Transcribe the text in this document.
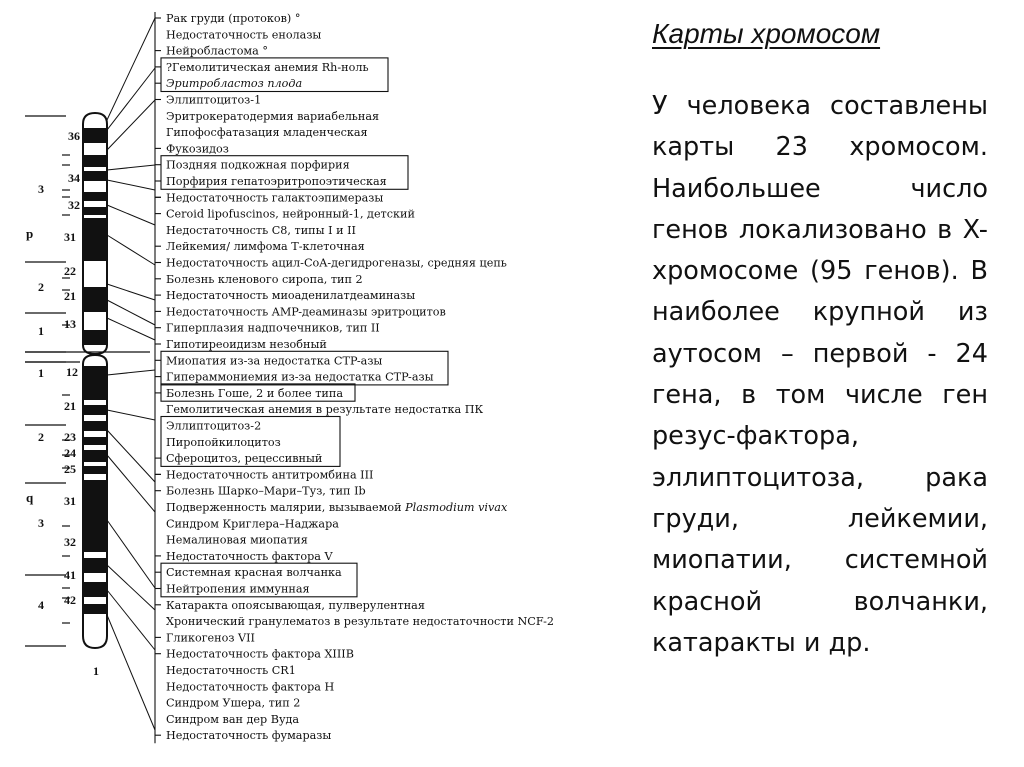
Рак груди (протоков) °
Недостаточность енолазы
Нейробластома °
?Гемолитическая анемия Rh-ноль
Эритробластоз плода
Эллиптоцитоз-1
Эритрокератодермия вариабельная
Гипофосфатазация младенческая
Фукозидоз
Поздняя подкожная порфирия
Порфирия гепатоэритропоэтическая
Недостаточность галактоэпимеразы
Ceroid lipofuscinos, нейронный-1, детский
Недостаточность С8, типы I и II
Лейкемия/ лимфома Т-клеточная
Недостаточность ацил-CoA-дегидрогеназы, средняя цепь
Болезнь кленового сиропа, тип 2
Недостаточность миоаденилатдеаминазы
Недостаточность AMP-деаминазы эритроцитов
Гиперплазия надпочечников, тип II
Гипотиреоидизм незобный
Миопатия из-за недостатка CTP-азы
Гипераммониемия из-за недостатка CTP-азы
Болезнь Гоше, 2 и более типа
Гемолитическая анемия в результате недостатка ПК
Эллиптоцитоз-2
Пиропойкилоцитоз
Сфероцитоз, рецессивный
Недостаточность антитромбина III
Болезнь Шарко–Мари–Туз, тип Ib
Подверженность малярии, вызываемой Plasmodium vivax
Синдром Криглера–Наджара
Немалиновая миопатия
Недостаточность фактора V
Системная красная волчанка
Нейтропения иммунная
Катаракта опоясывающая, пулверулентная
Хронический гранулематоз в результате недостаточности NCF-2
Гликогеноз VII
Недостаточность фактора XIIIB
Недостаточность CR1
Недостаточность фактора H
Синдром Ушера, тип 2
Синдром ван дер Вуда
Недостаточность фумаразы
36
34
32
31
22
21
13
12
21
23
24
25
31
32
41
42
3
2
1
1
2
3
4
1
p
q
Карты хромосом

У человека составлены карты 23 хромосом. Наибольшее число генов локализовано в X-хромосоме (95 генов). В наиболее крупной из аутосом – первой - 24 гена, в том числе ген резус-фактора, эллиптоцитоза, рака груди, лейкемии, миопатии, системной красной волчанки, катаракты и др.
